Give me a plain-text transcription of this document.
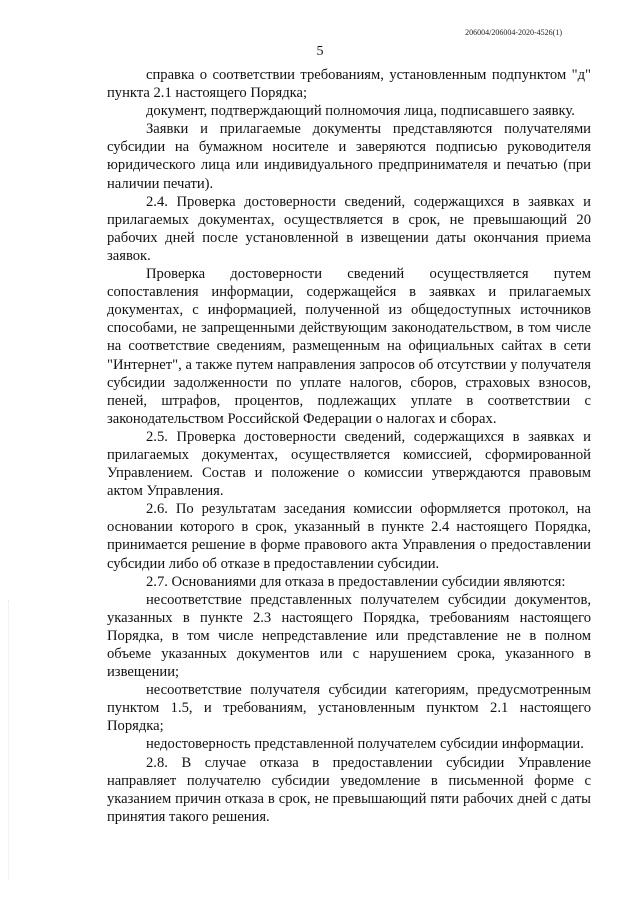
206004/206004-2020-4526(1)
5

справка о соответствии требованиям, установленным подпунктом "д" пункта 2.1 настоящего Порядка;

документ, подтверждающий полномочия лица, подписавшего заявку.

Заявки и прилагаемые документы представляются получателями субсидии на бумажном носителе и заверяются подписью руководителя юридического лица или индивидуального предпринимателя и печатью (при наличии печати).

2.4. Проверка достоверности сведений, содержащихся в заявках и прилагаемых документах, осуществляется в срок, не превышающий 20 рабочих дней после установленной в извещении даты окончания приема заявок.

Проверка достоверности сведений осуществляется путем сопоставления информации, содержащейся в заявках и прилагаемых документах, с информацией, полученной из общедоступных источников способами, не запрещенными действующим законодательством, в том числе на соответствие сведениям, размещенным на официальных сайтах в сети "Интернет", а также путем направления запросов об отсутствии у получателя субсидии задолженности по уплате налогов, сборов, страховых взносов, пеней, штрафов, процентов, подлежащих уплате в соответствии с законодательством Российской Федерации о налогах и сборах.

2.5. Проверка достоверности сведений, содержащихся в заявках и прилагаемых документах, осуществляется комиссией, сформированной Управлением. Состав и положение о комиссии утверждаются правовым актом Управления.

2.6. По результатам заседания комиссии оформляется протокол, на основании которого в срок, указанный в пункте 2.4 настоящего Порядка, принимается решение в форме правового акта Управления о предоставлении субсидии либо об отказе в предоставлении субсидии.

2.7. Основаниями для отказа в предоставлении субсидии являются:

несоответствие представленных получателем субсидии документов, указанных в пункте 2.3 настоящего Порядка, требованиям настоящего Порядка, в том числе непредставление или представление не в полном объеме указанных документов или с нарушением срока, указанного в извещении;

несоответствие получателя субсидии категориям, предусмотренным пунктом 1.5, и требованиям, установленным пунктом 2.1 настоящего Порядка;

недостоверность представленной получателем субсидии информации.

2.8. В случае отказа в предоставлении субсидии Управление направляет получателю субсидии уведомление в письменной форме с указанием причин отказа в срок, не превышающий пяти рабочих дней с даты принятия такого решения.
